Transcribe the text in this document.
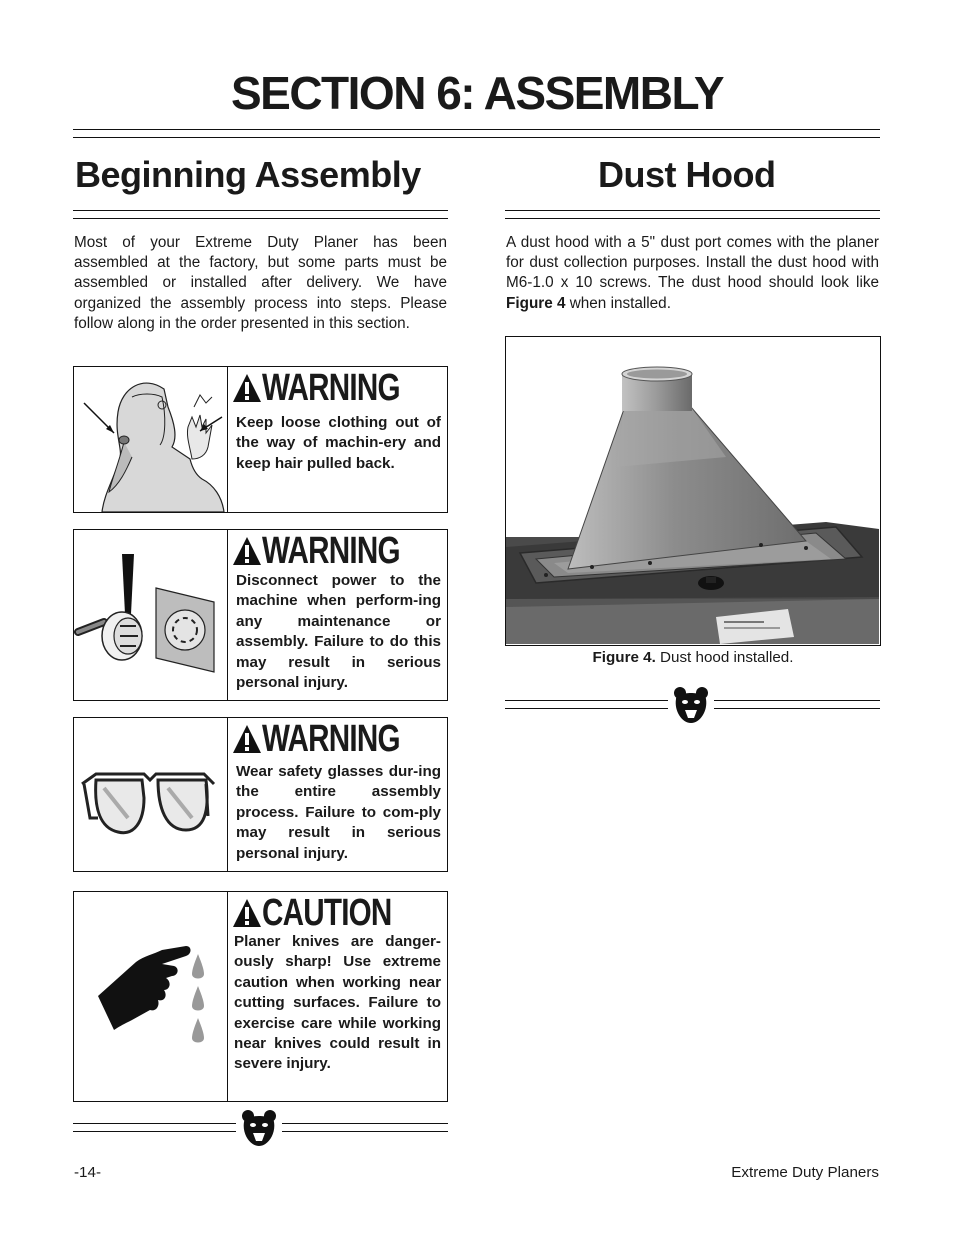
SECTION 6: ASSEMBLY
Beginning Assembly

Most of your Extreme Duty Planer has been assembled at the factory, but some parts must be assembled or installed after delivery. We have organized the assembly process into steps. Please follow along in the order presented in this section.

WARNING

Keep loose clothing out of the way of machin-ery and keep hair pulled back.

WARNING

Disconnect power to the machine when perform-ing any maintenance or assembly. Failure to do this may result in serious personal injury.

WARNING

Wear safety glasses dur-ing the entire assembly process. Failure to com-ply may result in serious personal injury.

CAUTION

Planer knives are danger-ously sharp! Use extreme caution when working near cutting surfaces. Failure to exercise care while working near knives could result in severe injury.

Dust Hood

A dust hood with a 5" dust port comes with the planer for dust collection purposes. Install the dust hood with M6-1.0 x 10 screws. The dust hood should look like Figure 4 when installed.

Figure 4. Dust hood installed.
-14-	Extreme Duty Planers
